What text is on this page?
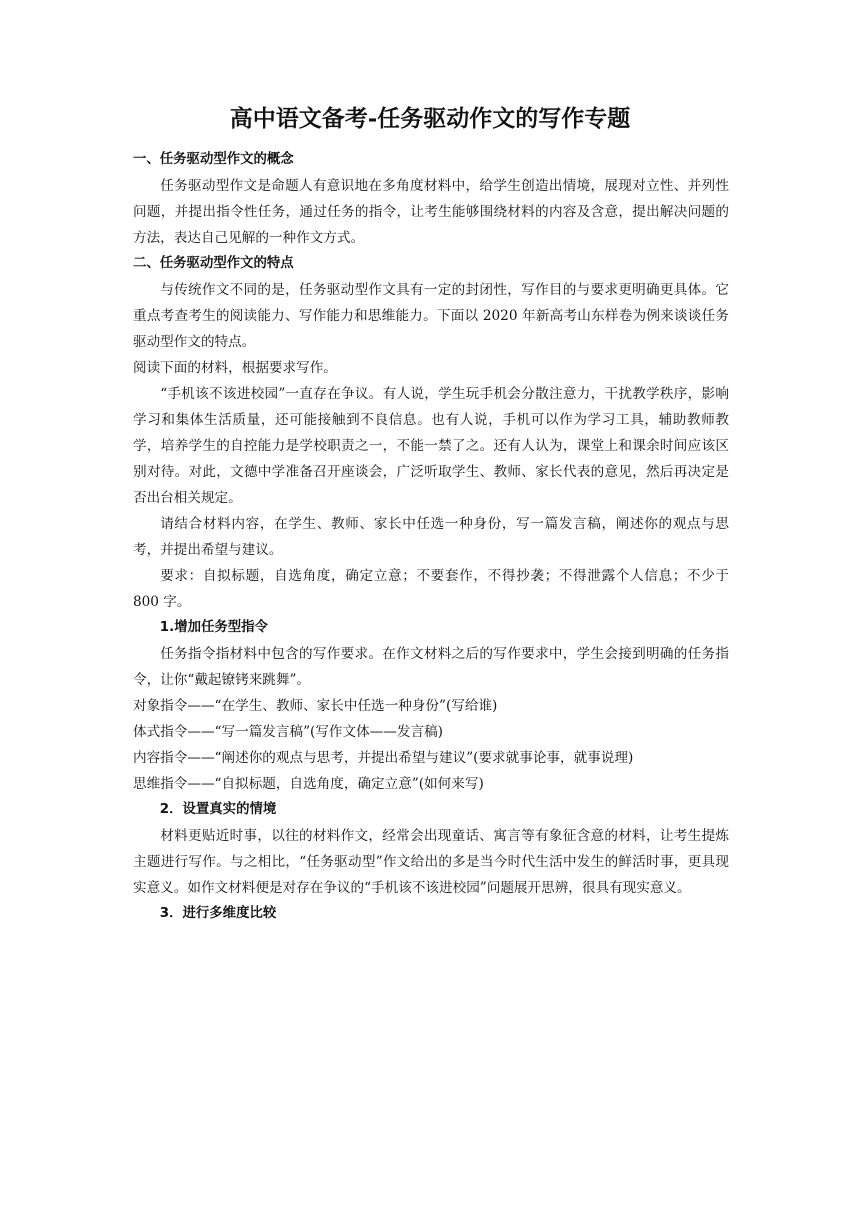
高中语文备考-任务驱动作文的写作专题

一、任务驱动型作文的概念

任务驱动型作文是命题人有意识地在多角度材料中，给学生创造出情境，展现对立性、并列性问题，并提出指令性任务，通过任务的指令，让考生能够围绕材料的内容及含意，提出解决问题的方法，表达自己见解的一种作文方式。

二、任务驱动型作文的特点

与传统作文不同的是，任务驱动型作文具有一定的封闭性，写作目的与要求更明确更具体。它重点考查考生的阅读能力、写作能力和思维能力。下面以 2020 年新高考山东样卷为例来谈谈任务驱动型作文的特点。

阅读下面的材料，根据要求写作。

“手机该不该进校园”一直存在争议。有人说，学生玩手机会分散注意力，干扰教学秩序，影响学习和集体生活质量，还可能接触到不良信息。也有人说，手机可以作为学习工具，辅助教师教学，培养学生的自控能力是学校职责之一，不能一禁了之。还有人认为，课堂上和课余时间应该区别对待。对此，文德中学准备召开座谈会，广泛听取学生、教师、家长代表的意见，然后再决定是否出台相关规定。

请结合材料内容，在学生、教师、家长中任选一种身份，写一篇发言稿，阐述你的观点与思考，并提出希望与建议。

要求：自拟标题，自选角度，确定立意；不要套作，不得抄袭；不得泄露个人信息；不少于 800 字。

1.增加任务型指令

任务指令指材料中包含的写作要求。在作文材料之后的写作要求中，学生会接到明确的任务指令，让你“戴起镣铐来跳舞”。

对象指令——“在学生、教师、家长中任选一种身份”(写给谁)

体式指令——“写一篇发言稿”(写作文体——发言稿)

内容指令——“阐述你的观点与思考，并提出希望与建议”(要求就事论事，就事说理)

思维指令——“自拟标题，自选角度，确定立意”(如何来写)

2．设置真实的情境

材料更贴近时事，以往的材料作文，经常会出现童话、寓言等有象征含意的材料，让考生提炼主题进行写作。与之相比，“任务驱动型”作文给出的多是当今时代生活中发生的鲜活时事，更具现实意义。如作文材料便是对存在争议的“手机该不该进校园”问题展开思辨，很具有现实意义。

3．进行多维度比较
